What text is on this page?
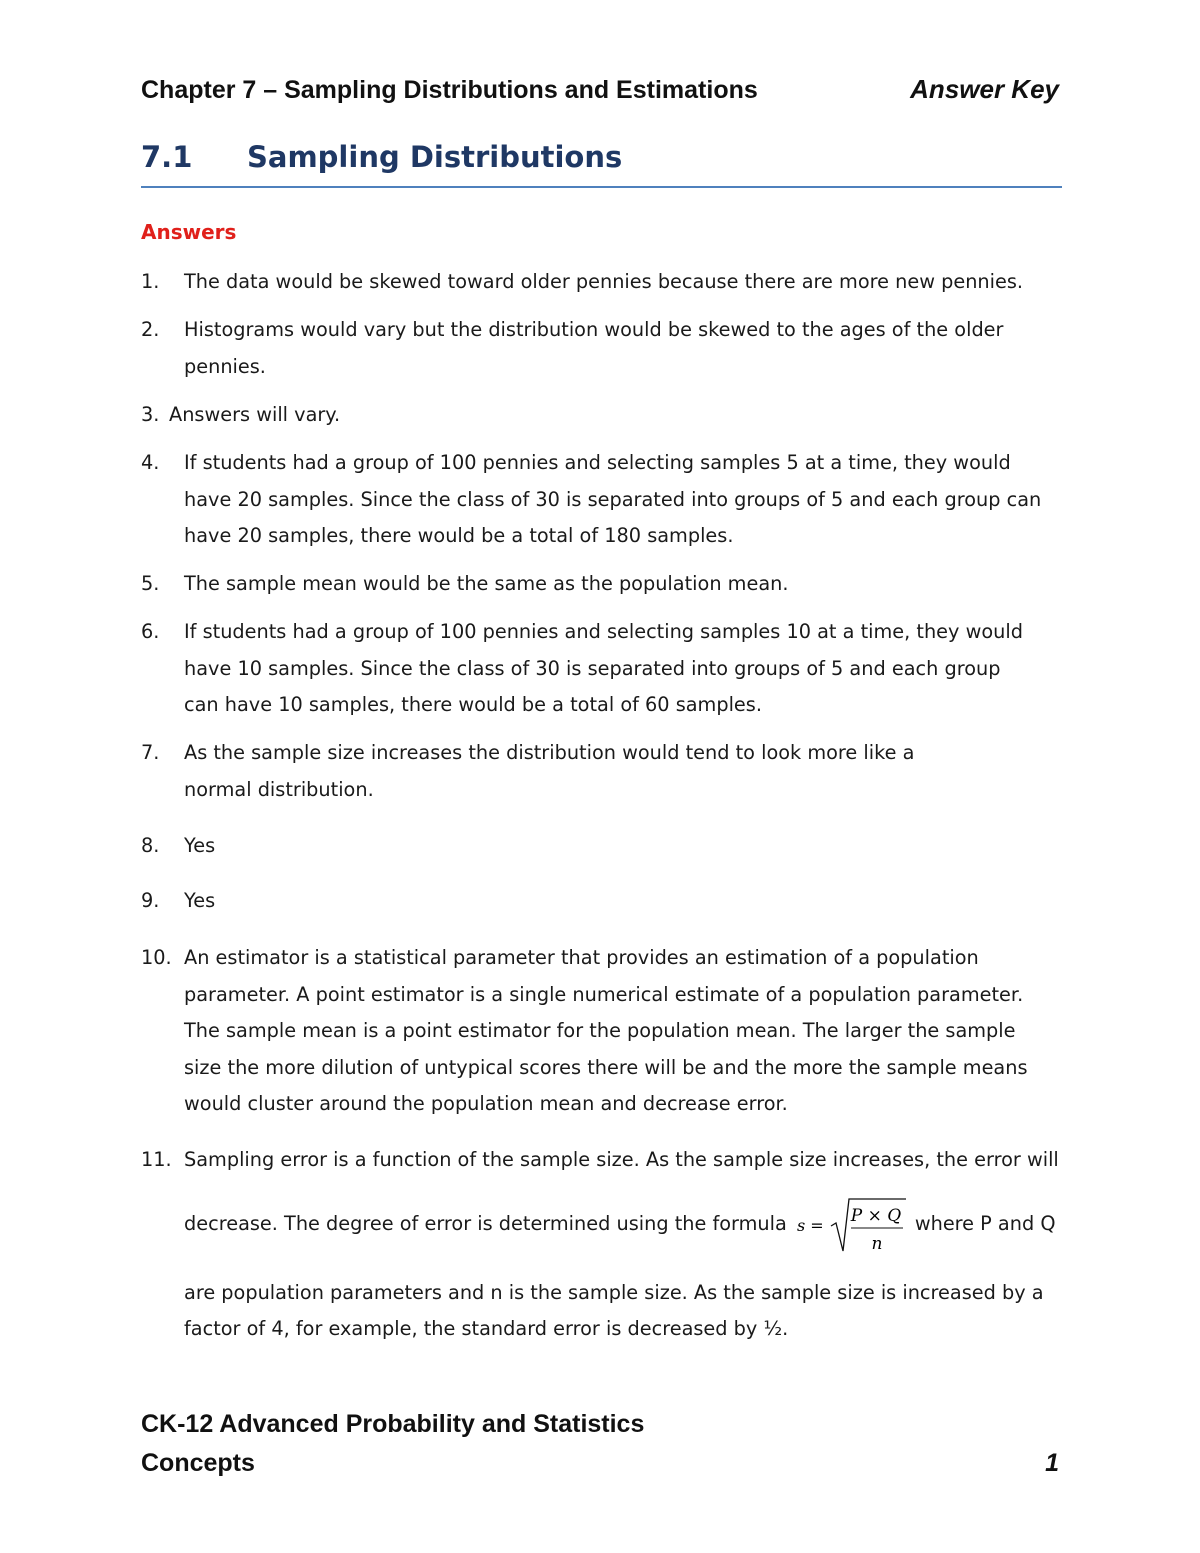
Chapter 7 – Sampling Distributions and Estimations	Answer Key
7.1	Sampling Distributions
Answers
1. The data would be skewed toward older pennies because there are more new pennies.
2. Histograms would vary but the distribution would be skewed to the ages of the older pennies.
3. Answers will vary.
4. If students had a group of 100 pennies and selecting samples 5 at a time, they would have 20 samples. Since the class of 30 is separated into groups of 5 and each group can have 20 samples, there would be a total of 180 samples.
5. The sample mean would be the same as the population mean.
6. If students had a group of 100 pennies and selecting samples 10 at a time, they would have 10 samples. Since the class of 30 is separated into groups of 5 and each group can have 10 samples, there would be a total of 60 samples.
7. As the sample size increases the distribution would tend to look more like a normal distribution.
8. Yes
9. Yes
10. An estimator is a statistical parameter that provides an estimation of a population parameter. A point estimator is a single numerical estimate of a population parameter. The sample mean is a point estimator for the population mean. The larger the sample size the more dilution of untypical scores there will be and the more the sample means would cluster around the population mean and decrease error.
11. Sampling error is a function of the sample size. As the sample size increases, the error will
decrease. The degree of error is determined using the formula s = P × Q
n
where P and Q
are population parameters and n is the sample size. As the sample size is increased by a
factor of 4, for example, the standard error is decreased by ½.
CK-12 Advanced Probability and Statistics
Concepts	1
